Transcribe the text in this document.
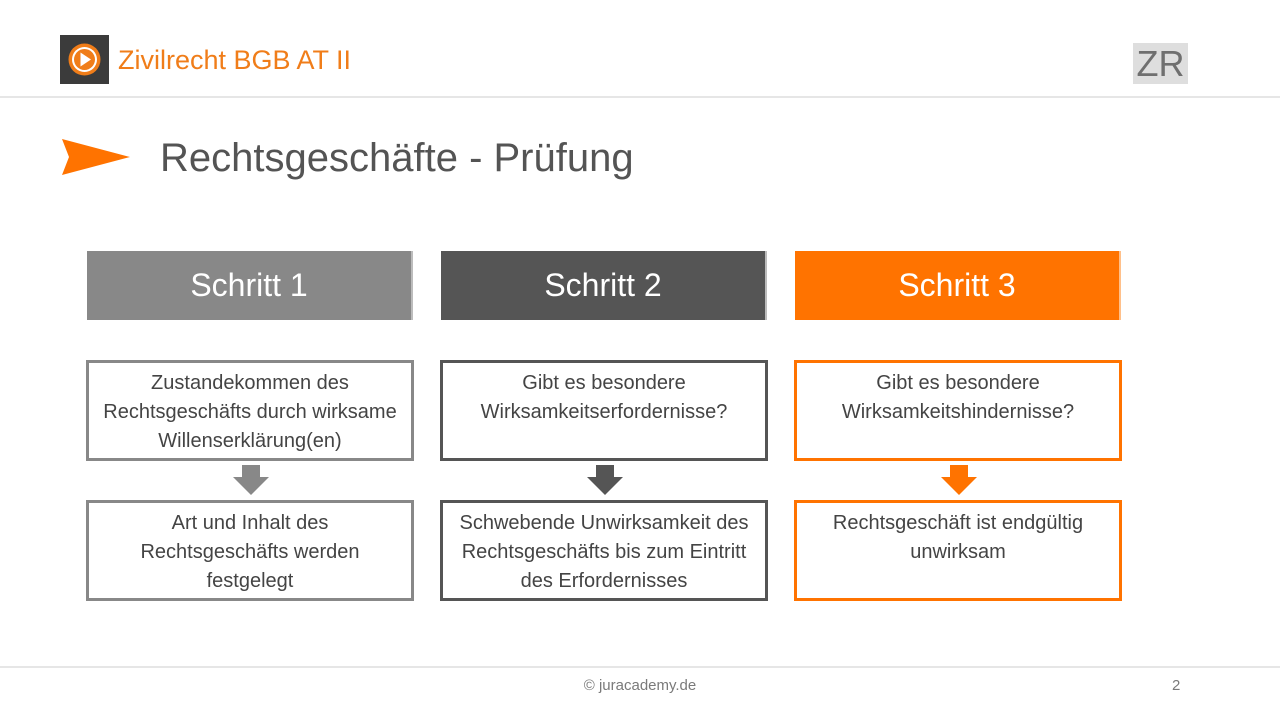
Zivilrecht BGB AT II	ZR
Rechtsgeschäfte - Prüfung
Schritt 1
Zustandekommen des Rechtsgeschäfts durch wirksame Willenserklärung(en)
Art und Inhalt des Rechtsgeschäfts werden festgelegt
Schritt 2
Gibt es besondere Wirksamkeitserfordernisse?
Schwebende Unwirksamkeit des Rechtsgeschäfts bis zum Eintritt des Erfordernisses
Schritt 3
Gibt es besondere Wirksamkeitshindernisse?
Rechtsgeschäft ist endgültig unwirksam
© juracademy.de	2
